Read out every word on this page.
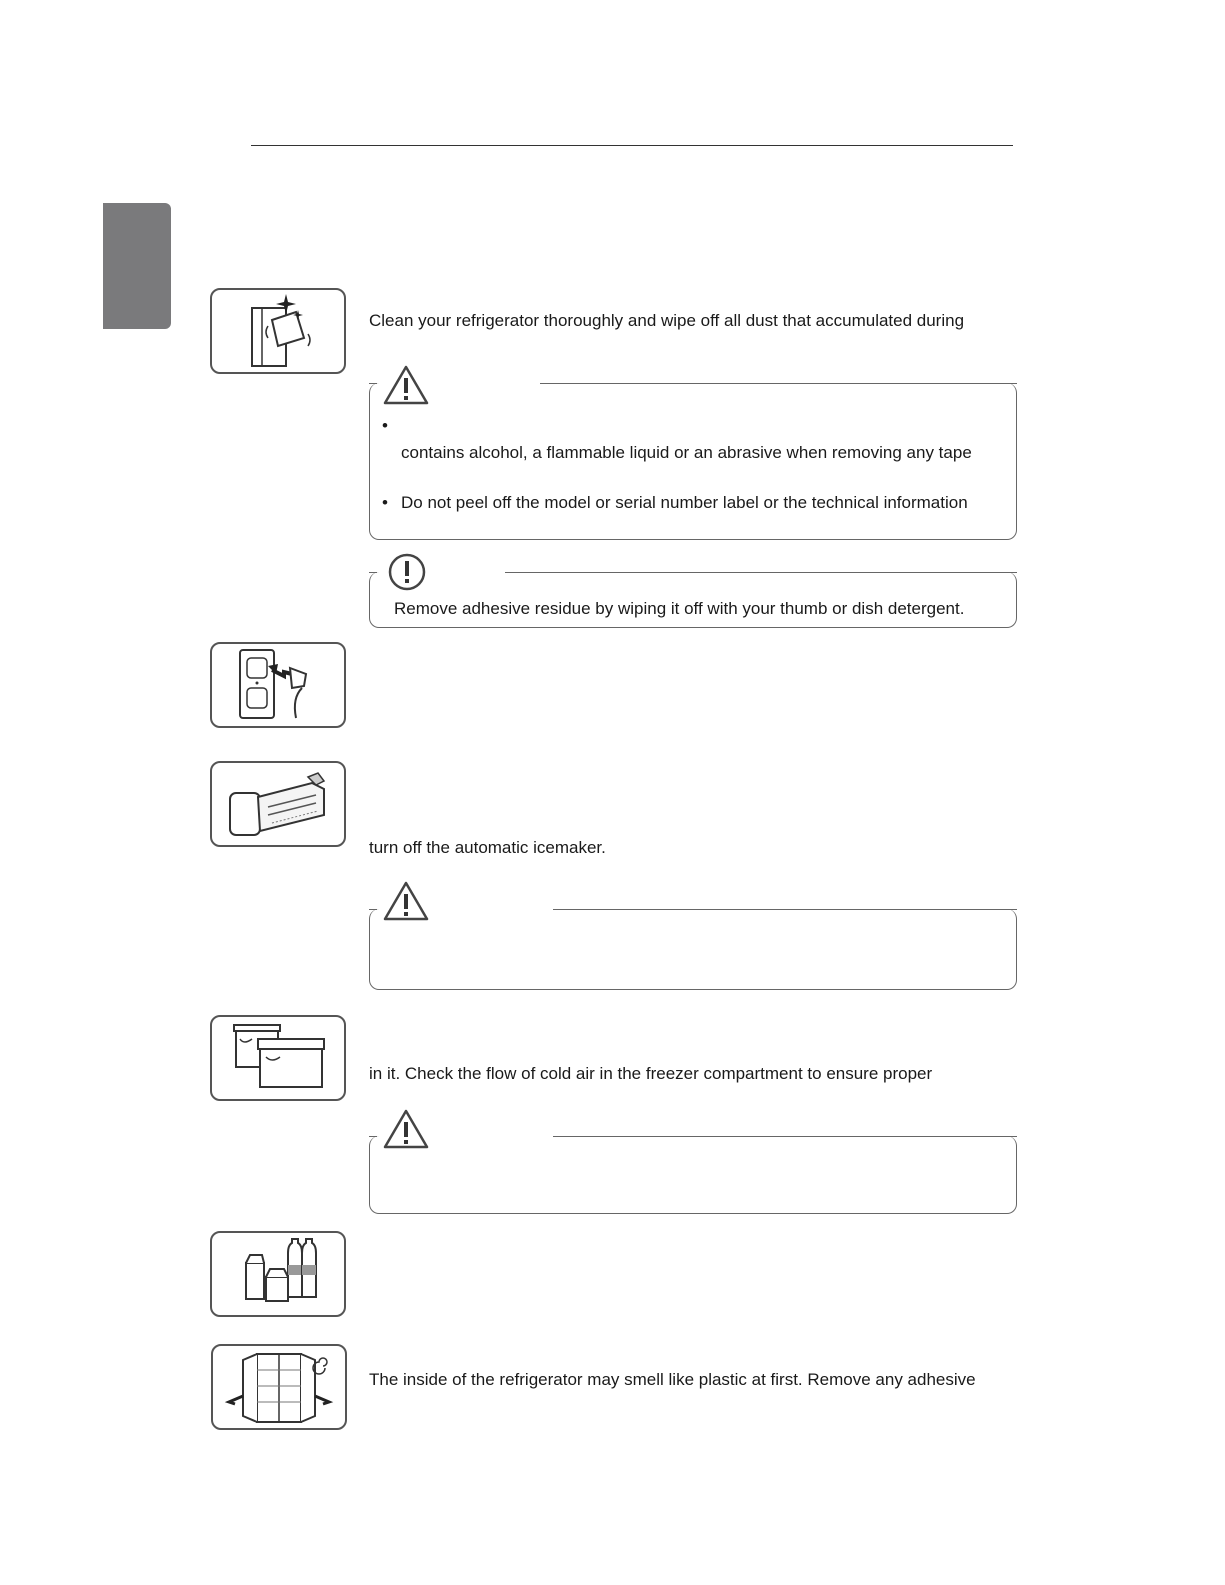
Clean your refrigerator thoroughly and wipe off all dust that accumulated during
•
contains alcohol, a flammable liquid or an abrasive when removing any tape
• Do not peel off the model or serial number label or the technical information
Remove adhesive residue by wiping it off with your thumb or dish detergent.
turn off the automatic icemaker.
in it. Check the flow of cold air in the freezer compartment to ensure proper
The inside of the refrigerator may smell like plastic at first. Remove any adhesive
